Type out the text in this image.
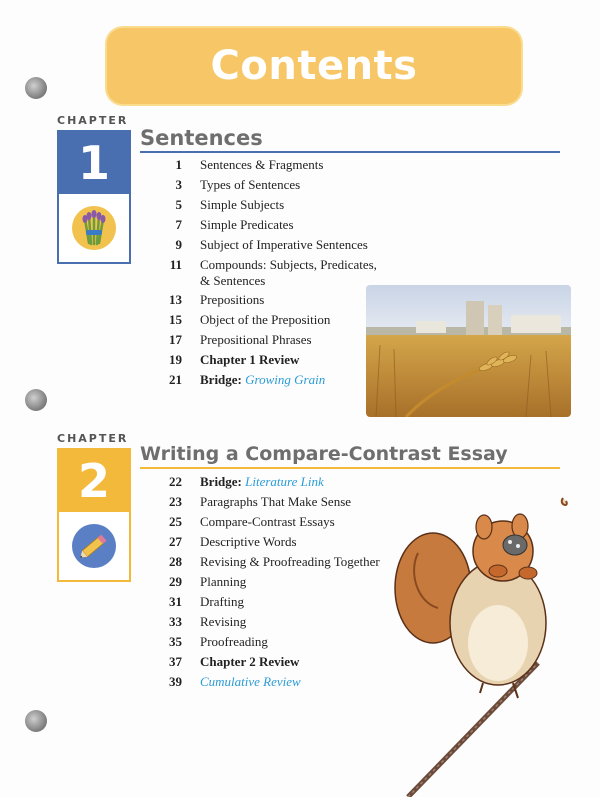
Contents
CHAPTER
1	Sentences
1 Sentences & Fragments
3 Types of Sentences
5 Simple Subjects
7 Simple Predicates
9 Subject of Imperative Sentences
11 Compounds: Subjects, Predicates,
& Sentences
13 Prepositions
15 Object of the Preposition
17 Prepositional Phrases
19 Chapter 1 Review
21 Bridge: Growing Grain
CHAPTER
2	Writing a Compare-Contrast Essay
22 Bridge: Literature Link
23 Paragraphs That Make Sense
25 Compare-Contrast Essays
27 Descriptive Words
28 Revising & Proofreading Together
29 Planning
31 Drafting
33 Revising
35 Proofreading
37 Chapter 2 Review
39 Cumulative Review
